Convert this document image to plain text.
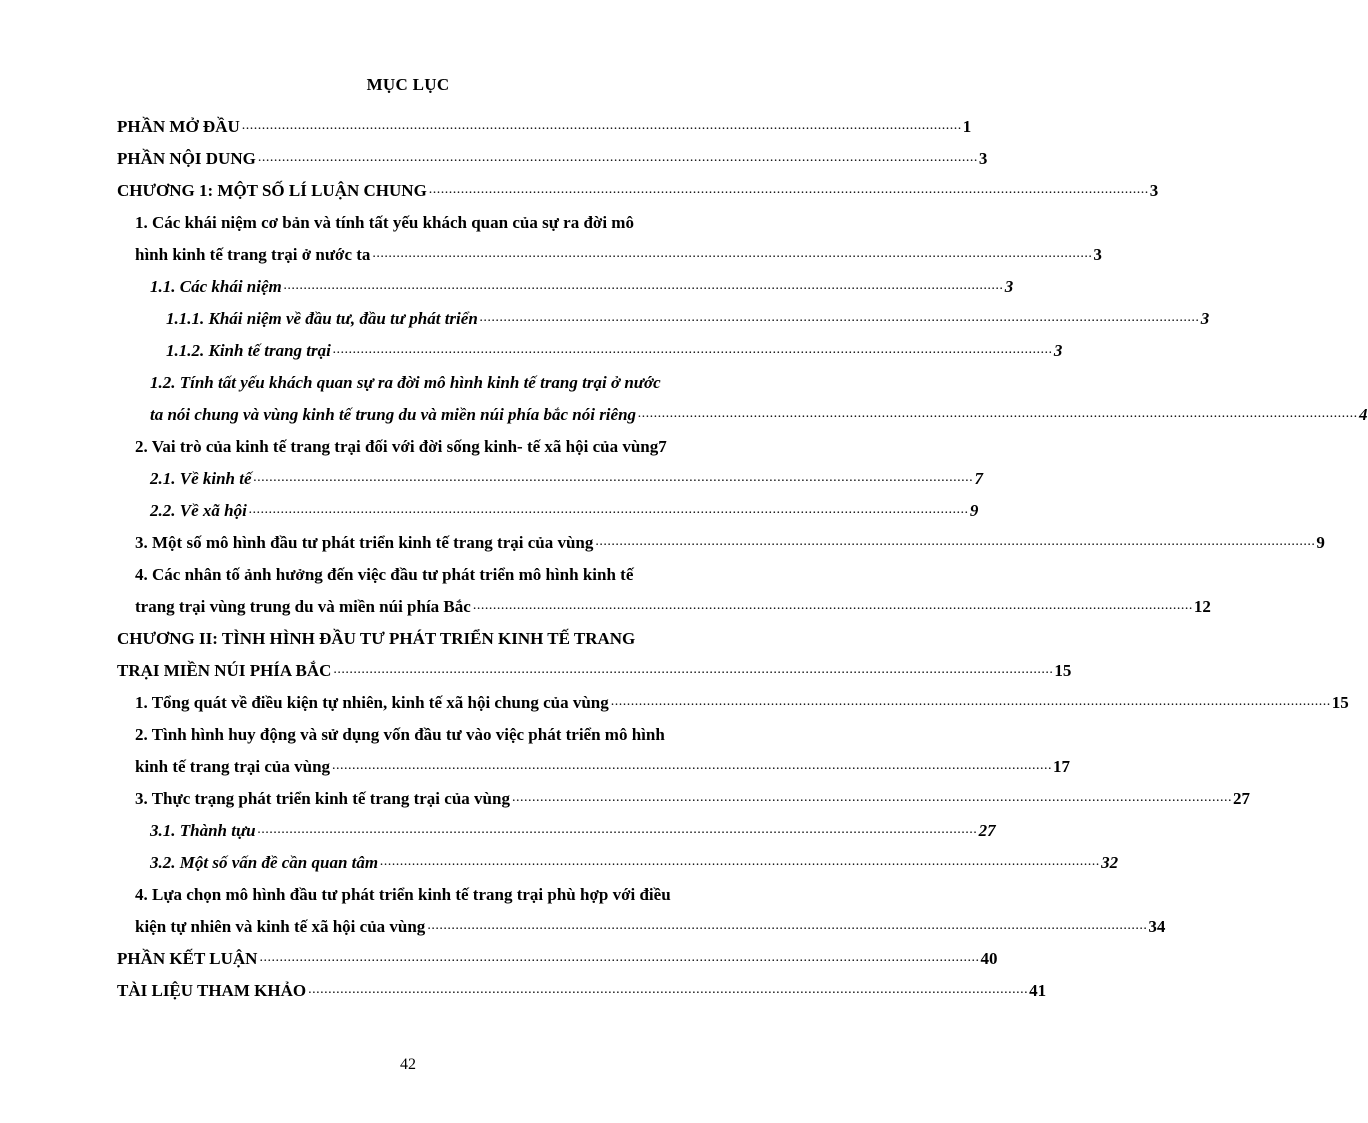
MỤC LỤC
PHẦN MỞ ĐẦU .................................................................................................................................................................................... 1
PHẦN NỘI DUNG .................................................................................................................................................................................... 3
CHƯƠNG 1: MỘT SỐ LÍ LUẬN CHUNG .................................................................................................................................................................................... 3
1. Các khái niệm cơ bản và tính tất yếu khách quan của sự ra đời mô
hình kinh tế trang trại ở nước ta .................................................................................................................................................................................... 3
1.1. Các khái niệm .................................................................................................................................................................................... 3
1.1.1. Khái niệm về đầu tư, đầu tư phát triển .................................................................................................................................................................................... 3
1.1.2. Kinh tế trang trại .................................................................................................................................................................................... 3
1.2. Tính tất yếu khách quan sự ra đời mô hình kinh tế trang trại ở nước
ta nói chung và vùng kinh tế trung du và miền núi phía bắc nói riêng .................................................................................................................................................................................... 4
2. Vai trò của kinh tế trang trại đối với đời sống kinh- tế xã hội của vùng 7
2.1. Về kinh tế .................................................................................................................................................................................... 7
2.2. Về xã hội .................................................................................................................................................................................... 9
3. Một số mô hình đầu tư phát triển kinh tế trang trại của vùng .................................................................................................................................................................................... 9
4. Các nhân tố ảnh hưởng đến việc đầu tư phát triển mô hình kinh tế
trang trại vùng trung du và miền núi phía Bắc .................................................................................................................................................................................... 12
CHƯƠNG II: TÌNH HÌNH ĐẦU TƯ PHÁT TRIỂN KINH TẾ TRANG
TRẠI MIỀN NÚI PHÍA BẮC .................................................................................................................................................................................... 15
1. Tổng quát về điều kiện tự nhiên, kinh tế xã hội chung của vùng .................................................................................................................................................................................... 15
2. Tình hình huy động và sử dụng vốn đầu tư vào việc phát triển mô hình
kinh tế trang trại của vùng .................................................................................................................................................................................... 17
3. Thực trạng phát triển kinh tế trang trại của vùng .................................................................................................................................................................................... 27
3.1. Thành tựu .................................................................................................................................................................................... 27
3.2. Một số vấn đề cần quan tâm .................................................................................................................................................................................... 32
4. Lựa chọn mô hình đầu tư phát triển kinh tế trang trại phù hợp với điều
kiện tự nhiên và kinh tế xã hội của vùng .................................................................................................................................................................................... 34
PHẦN KẾT LUẬN .................................................................................................................................................................................... 40
TÀI LIỆU THAM KHẢO .................................................................................................................................................................................... 41
42
